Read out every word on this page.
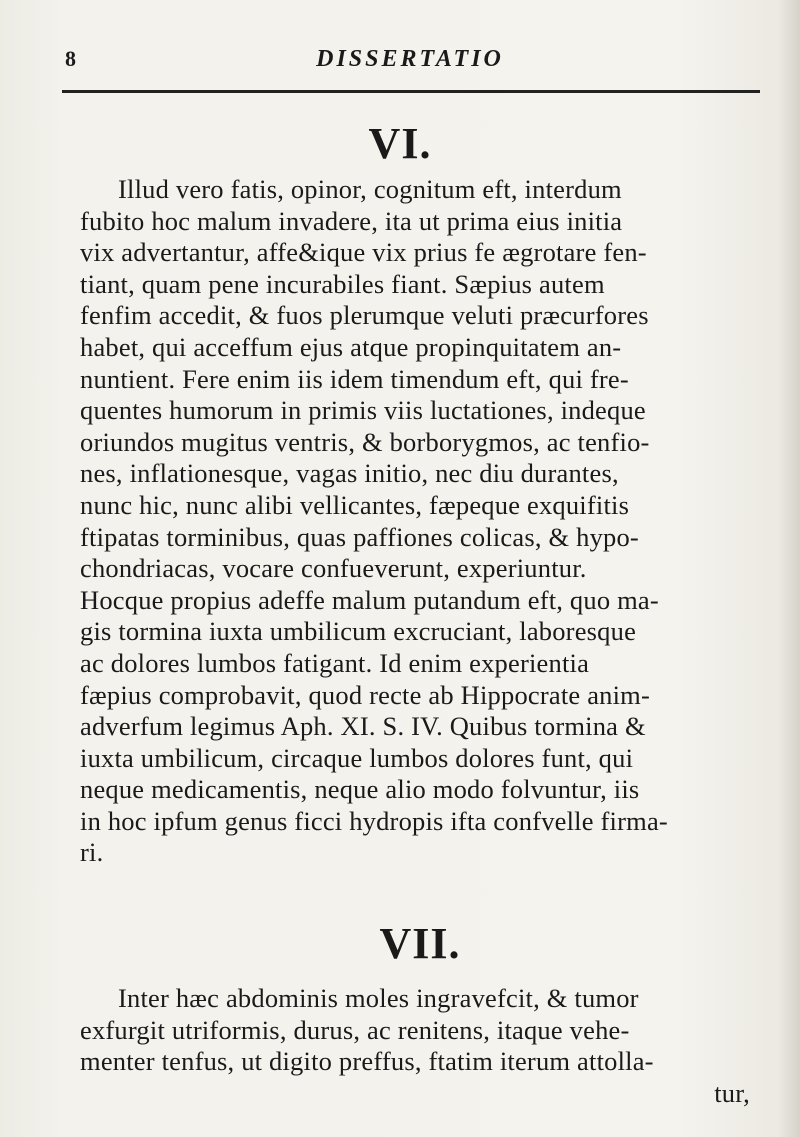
8	DISSERTATIO
VI.
Illud vero fatis, opinor, cognitum eft, interdum
fubito hoc malum invadere, ita ut prima eius initia
vix advertantur, affe&ique vix prius fe ægrotare fen-
tiant, quam pene incurabiles fiant. Sæpius autem
fenfim accedit, & fuos plerumque veluti præcurfores
habet, qui acceffum ejus atque propinquitatem an-
nuntient. Fere enim iis idem timendum eft, qui fre-
quentes humorum in primis viis luctationes, indeque
oriundos mugitus ventris, & borborygmos, ac tenfio-
nes, inflationesque, vagas initio, nec diu durantes,
nunc hic, nunc alibi vellicantes, fæpeque exquifitis
ftipatas torminibus, quas paffiones colicas, & hypo-
chondriacas, vocare confueverunt, experiuntur.
Hocque propius adeffe malum putandum eft, quo ma-
gis tormina iuxta umbilicum excruciant, laboresque
ac dolores lumbos fatigant. Id enim experientia
fæpius comprobavit, quod recte ab Hippocrate anim-
adverfum legimus Aph. XI. S. IV. Quibus tormina &
iuxta umbilicum, circaque lumbos dolores funt, qui
neque medicamentis, neque alio modo folvuntur, iis
in hoc ipfum genus ficci hydropis ifta confvelle firma-
ri.
VII.
Inter hæc abdominis moles ingravefcit, & tumor
exfurgit utriformis, durus, ac renitens, itaque vehe-
menter tenfus, ut digito preffus, ftatim iterum attolla-
tur,
